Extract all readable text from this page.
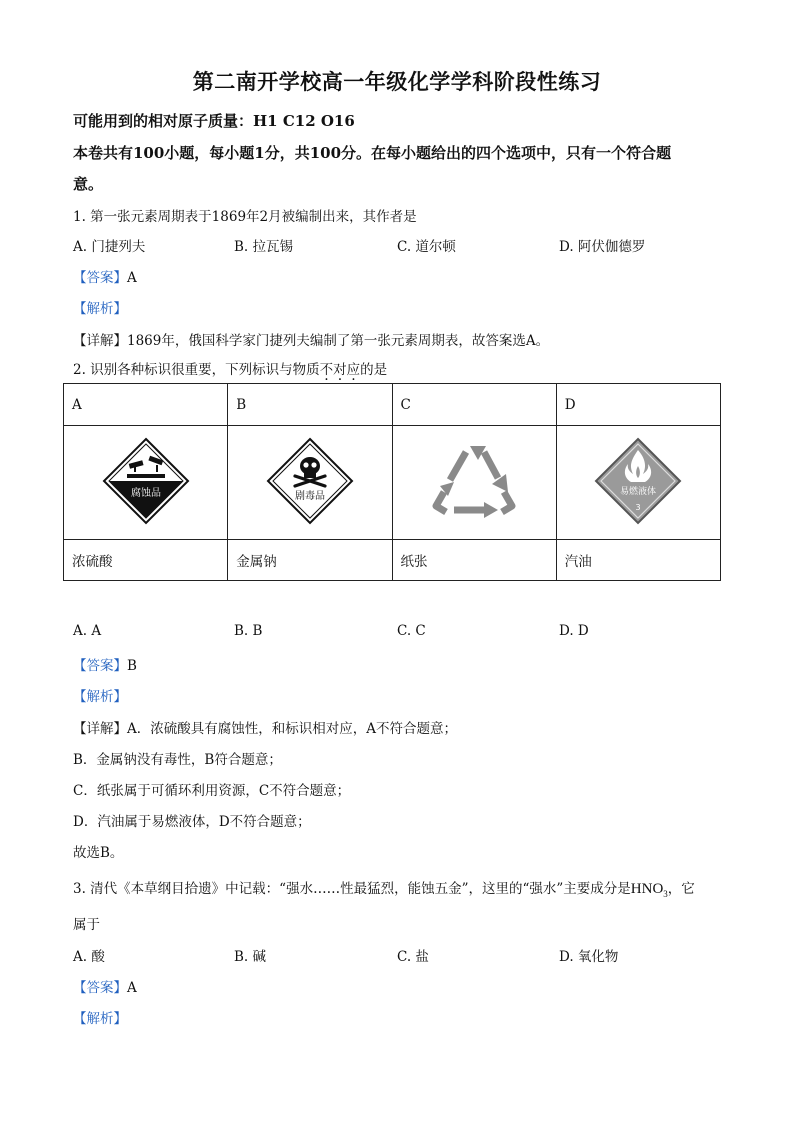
第二南开学校高一年级化学学科阶段性练习
可能用到的相对原子质量：H1 C12 O16
本卷共有100小题，每小题1分，共100分。在每小题给出的四个选项中，只有一个符合题
意。
1. 第一张元素周期表于1869年2月被编制出来，其作者是
A. 门捷列夫	B. 拉瓦锡	C. 道尔顿	D. 阿伏伽德罗
【答案】A
【解析】
【详解】1869年，俄国科学家门捷列夫编制了第一张元素周期表，故答案选A。
2. 识别各种标识很重要，下列标识与物质不对应的是
A	B	C	D

腐蚀品	剧毒品		易燃液体
3

浓硫酸	金属钠	纸张	汽油
A. A	B. B	C. C	D. D
【答案】B
【解析】
【详解】A．浓硫酸具有腐蚀性，和标识相对应，A不符合题意；
B．金属钠没有毒性，B符合题意；
C．纸张属于可循环利用资源，C不符合题意；
D．汽油属于易燃液体，D不符合题意；
故选B。
3. 清代《本草纲目拾遗》中记载：“强水……性最猛烈，能蚀五金”，这里的“强水”主要成分是$HNO_3$，它
属于
A. 酸	B. 碱	C. 盐	D. 氧化物
【答案】A
【解析】
